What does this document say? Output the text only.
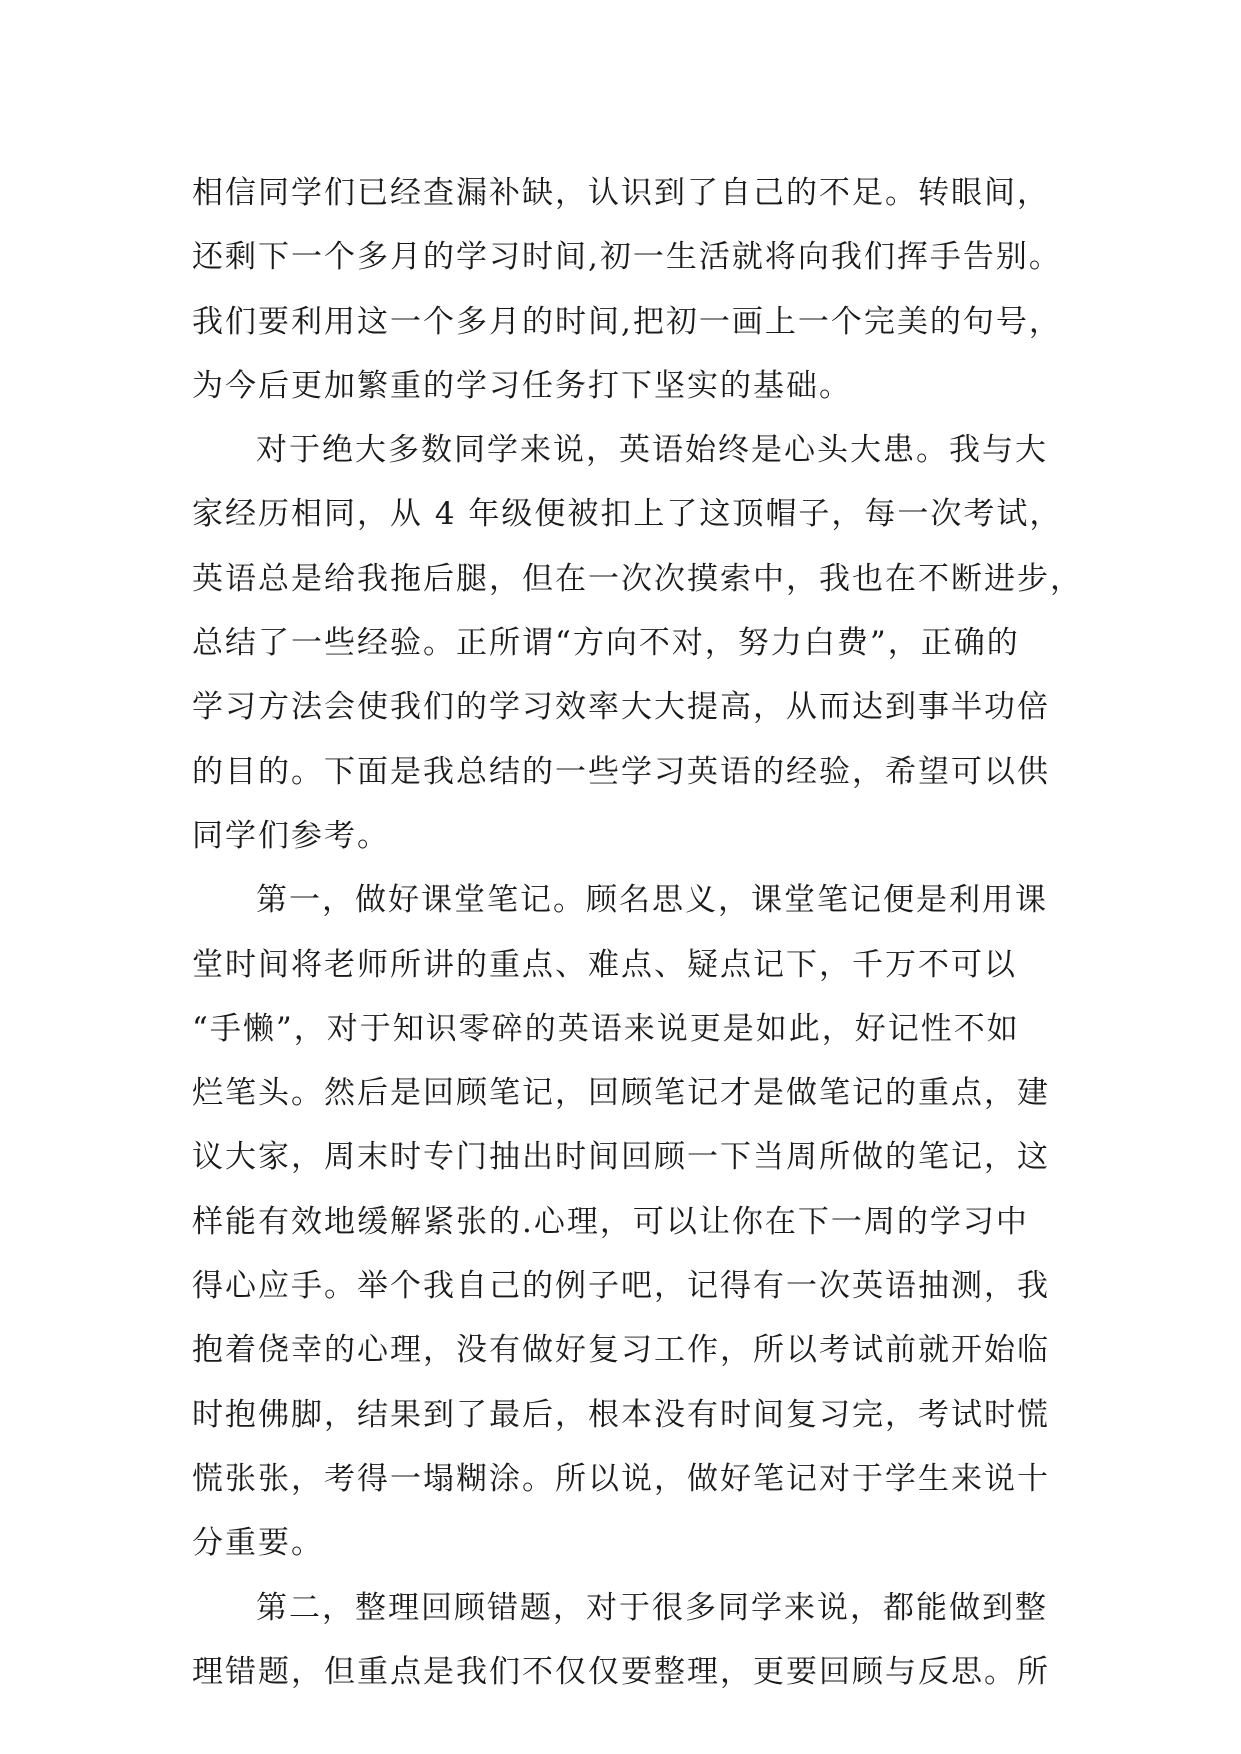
相信同学们已经查漏补缺，认识到了自己的不足。转眼间，
还剩下一个多月的学习时间,初一生活就将向我们挥手告别。
我们要利用这一个多月的时间,把初一画上一个完美的句号，
为今后更加繁重的学习任务打下坚实的基础。
对于绝大多数同学来说，英语始终是心头大患。我与大
家经历相同，从 4 年级便被扣上了这顶帽子，每一次考试，
英语总是给我拖后腿，但在一次次摸索中，我也在不断进步，
总结了一些经验。正所谓“方向不对，努力白费”，正确的
学习方法会使我们的学习效率大大提高，从而达到事半功倍
的目的。下面是我总结的一些学习英语的经验，希望可以供
同学们参考。
第一，做好课堂笔记。顾名思义，课堂笔记便是利用课
堂时间将老师所讲的重点、难点、疑点记下，千万不可以
“手懒”，对于知识零碎的英语来说更是如此，好记性不如
烂笔头。然后是回顾笔记，回顾笔记才是做笔记的重点，建
议大家，周末时专门抽出时间回顾一下当周所做的笔记，这
样能有效地缓解紧张的.心理，可以让你在下一周的学习中
得心应手。举个我自己的例子吧，记得有一次英语抽测，我
抱着侥幸的心理，没有做好复习工作，所以考试前就开始临
时抱佛脚，结果到了最后，根本没有时间复习完，考试时慌
慌张张，考得一塌糊涂。所以说，做好笔记对于学生来说十
分重要。
第二，整理回顾错题，对于很多同学来说，都能做到整
理错题，但重点是我们不仅仅要整理，更要回顾与反思。所
